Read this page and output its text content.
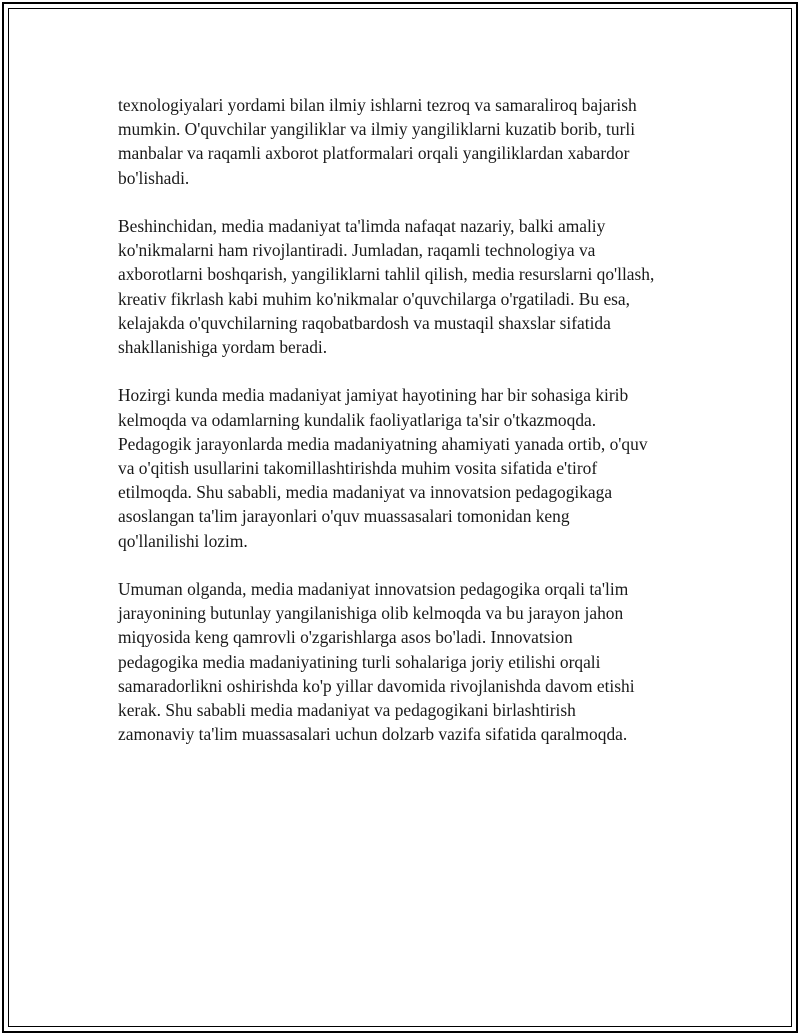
texnologiyalari yordami bilan ilmiy ishlarni tezroq va samaraliroq bajarish
mumkin. O'quvchilar yangiliklar va ilmiy yangiliklarni kuzatib borib, turli
manbalar va raqamli axborot platformalari orqali yangiliklardan xabardor
bo'lishadi.

Beshinchidan, media madaniyat ta'limda nafaqat nazariy, balki amaliy
ko'nikmalarni ham rivojlantiradi. Jumladan, raqamli technologiya va
axborotlarni boshqarish, yangiliklarni tahlil qilish, media resurslarni qo'llash,
kreativ fikrlash kabi muhim ko'nikmalar o'quvchilarga o'rgatiladi. Bu esa,
kelajakda o'quvchilarning raqobatbardosh va mustaqil shaxslar sifatida
shakllanishiga yordam beradi.

Hozirgi kunda media madaniyat jamiyat hayotining har bir sohasiga kirib
kelmoqda va odamlarning kundalik faoliyatlariga ta'sir o'tkazmoqda.
Pedagogik jarayonlarda media madaniyatning ahamiyati yanada ortib, o'quv
va o'qitish usullarini takomillashtirishda muhim vosita sifatida e'tirof
etilmoqda. Shu sababli, media madaniyat va innovatsion pedagogikaga
asoslangan ta'lim jarayonlari o'quv muassasalari tomonidan keng
qo'llanilishi lozim.

Umuman olganda, media madaniyat innovatsion pedagogika orqali ta'lim
jarayonining butunlay yangilanishiga olib kelmoqda va bu jarayon jahon
miqyosida keng qamrovli o'zgarishlarga asos bo'ladi. Innovatsion
pedagogika media madaniyatining turli sohalariga joriy etilishi orqali
samaradorlikni oshirishda ko'p yillar davomida rivojlanishda davom etishi
kerak. Shu sababli media madaniyat va pedagogikani birlashtirish
zamonaviy ta'lim muassasalari uchun dolzarb vazifa sifatida qaralmoqda.
